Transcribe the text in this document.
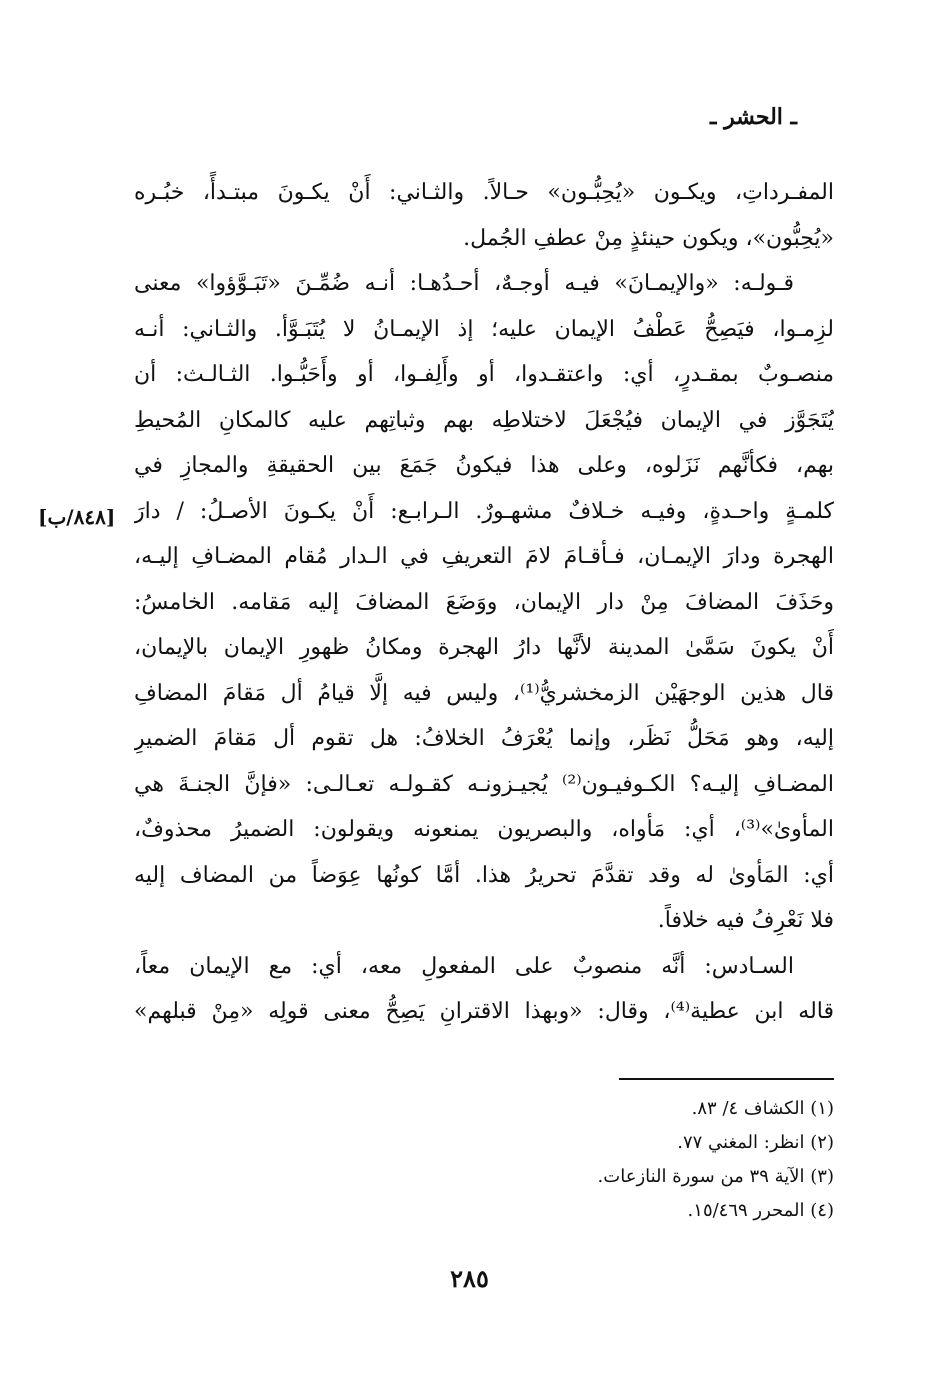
ـ الحشر ـ
[٨٤٨/ب]
المفـرداتِ، ويكـون «يُحِبُّـون» حـالاً. والثـاني: أَنْ يكـونَ مبتـدأً، خبُـره
«يُحِبُّون»، ويكون حينئذٍ مِنْ عطفِ الجُمل.
قـولـه: «والإيمـانَ» فيـه أوجـهٌ، أحـدُهـا: أنـه ضُمِّـنَ «تَبَـوَّؤوا» معنى
لزِمـوا، فيَصِحُّ عَطْفُ الإيمان عليه؛ إذ الإيمـانُ لا يُتَبَـوَّأ. والثـاني: أنـه
منصـوبٌ بمقـدرٍ، أي: واعتقـدوا، أو وأَلِفـوا، أو وأَحَبُّـوا. الثـالـث: أن
يُتَجَوَّز في الإيمان فيُجْعَلَ لاختلاطِه بهم وثباتِهم عليه كالمكانِ المُحيطِ
بهم، فكأنَّهم نَزَلوه، وعلى هذا فيكونُ جَمَعَ بين الحقيقةِ والمجازِ في
كلمـةٍ واحـدةٍ، وفيـه خـلافٌ مشهـورٌ. الـرابـع: أَنْ يكـونَ الأصـلُ: / دارَ
الهجرة ودارَ الإيمـان، فـأقـامَ لامَ التعريفِ في الـدار مُقام المضـافِ إليـه،
وحَذَفَ المضافَ مِنْ دار الإيمان، ووَضَعَ المضافَ إليه مَقامه. الخامسُ:
أَنْ يكونَ سَمَّىٰ المدينة لأنَّها دارُ الهجرة ومكانُ ظهورِ الإيمان بالإيمان،
قال هذين الوجهَيْن الزمخشريُّ⁽¹⁾، وليس فيه إلَّا قيامُ أل مَقامَ المضافِ
إليه، وهو مَحَلُّ نَظَر، وإنما يُعْرَفُ الخلافُ: هل تقوم أل مَقامَ الضميرِ
المضـافِ إليـه؟ الكـوفيـون⁽²⁾ يُجيـزونـه كقـولـه تعـالـى: «فإنَّ الجنـةَ هي
المأوىٰ»⁽³⁾، أي: مَأواه، والبصريون يمنعونه ويقولون: الضميرُ محذوفٌ،
أي: المَأوىٰ له وقد تقدَّمَ تحريرُ هذا. أمَّا كونُها عِوَضاً من المضاف إليه
فلا نَعْرِفُ فيه خلافاً.
السـادس: أنَّه منصوبٌ على المفعولِ معه، أي: مع الإيمان معاً،
قاله ابن عطية⁽⁴⁾، وقال: «وبهذا الاقترانِ يَصِحُّ معنى قولِه «مِنْ قبلهم»
(١) الكشاف ٤/ ٨٣.
(٢) انظر: المغني ٧٧.
(٣) الآية ٣٩ من سورة النازعات.
(٤) المحرر ١٥/٤٦٩.
٢٨٥
